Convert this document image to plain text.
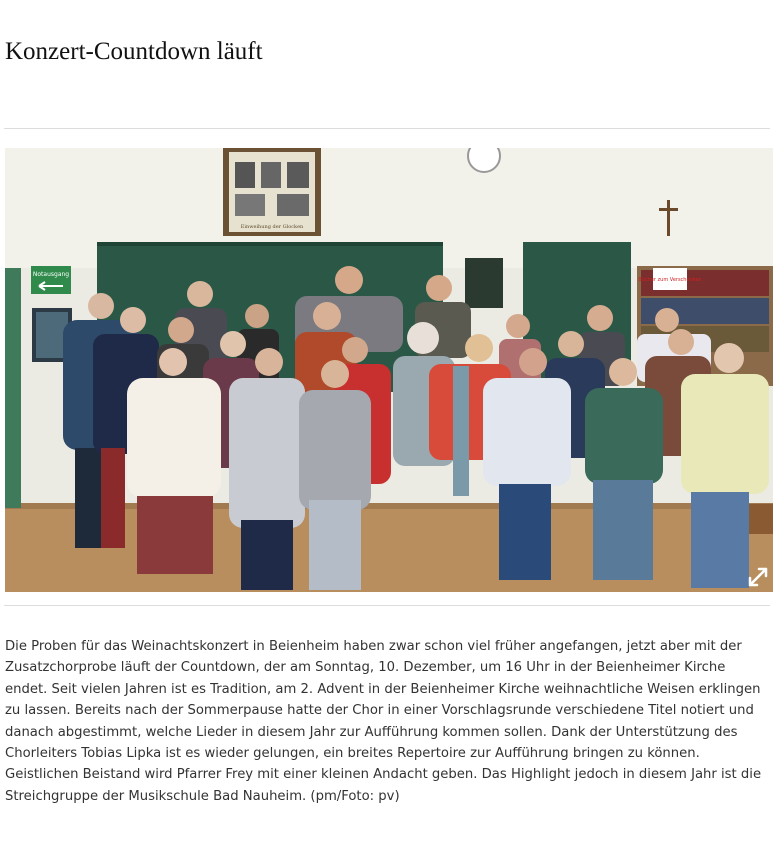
Konzert-Countdown läuft
Notausgang
Einweihung der Glocken
Bücher zum Verschenken

Die Proben für das Weinachtskonzert in Beienheim haben zwar schon viel früher angefangen, jetzt aber mit der Zusatzchorprobe läuft der Countdown, der am Sonntag, 10. Dezember, um 16 Uhr in der Beienheimer Kirche endet. Seit vielen Jahren ist es Tradition, am 2. Advent in der Beienheimer Kirche weihnachtliche Weisen erklingen zu lassen. Bereits nach der Sommerpause hatte der Chor in einer Vorschlagsrunde verschiedene Titel notiert und danach abgestimmt, welche Lieder in diesem Jahr zur Aufführung kommen sollen. Dank der Unterstützung des Chorleiters Tobias Lipka ist es wieder gelungen, ein breites Repertoire zur Aufführung bringen zu können. Geistlichen Beistand wird Pfarrer Frey mit einer kleinen Andacht geben. Das Highlight jedoch in diesem Jahr ist die Streichgruppe der Musikschule Bad Nauheim. (pm/Foto: pv)
